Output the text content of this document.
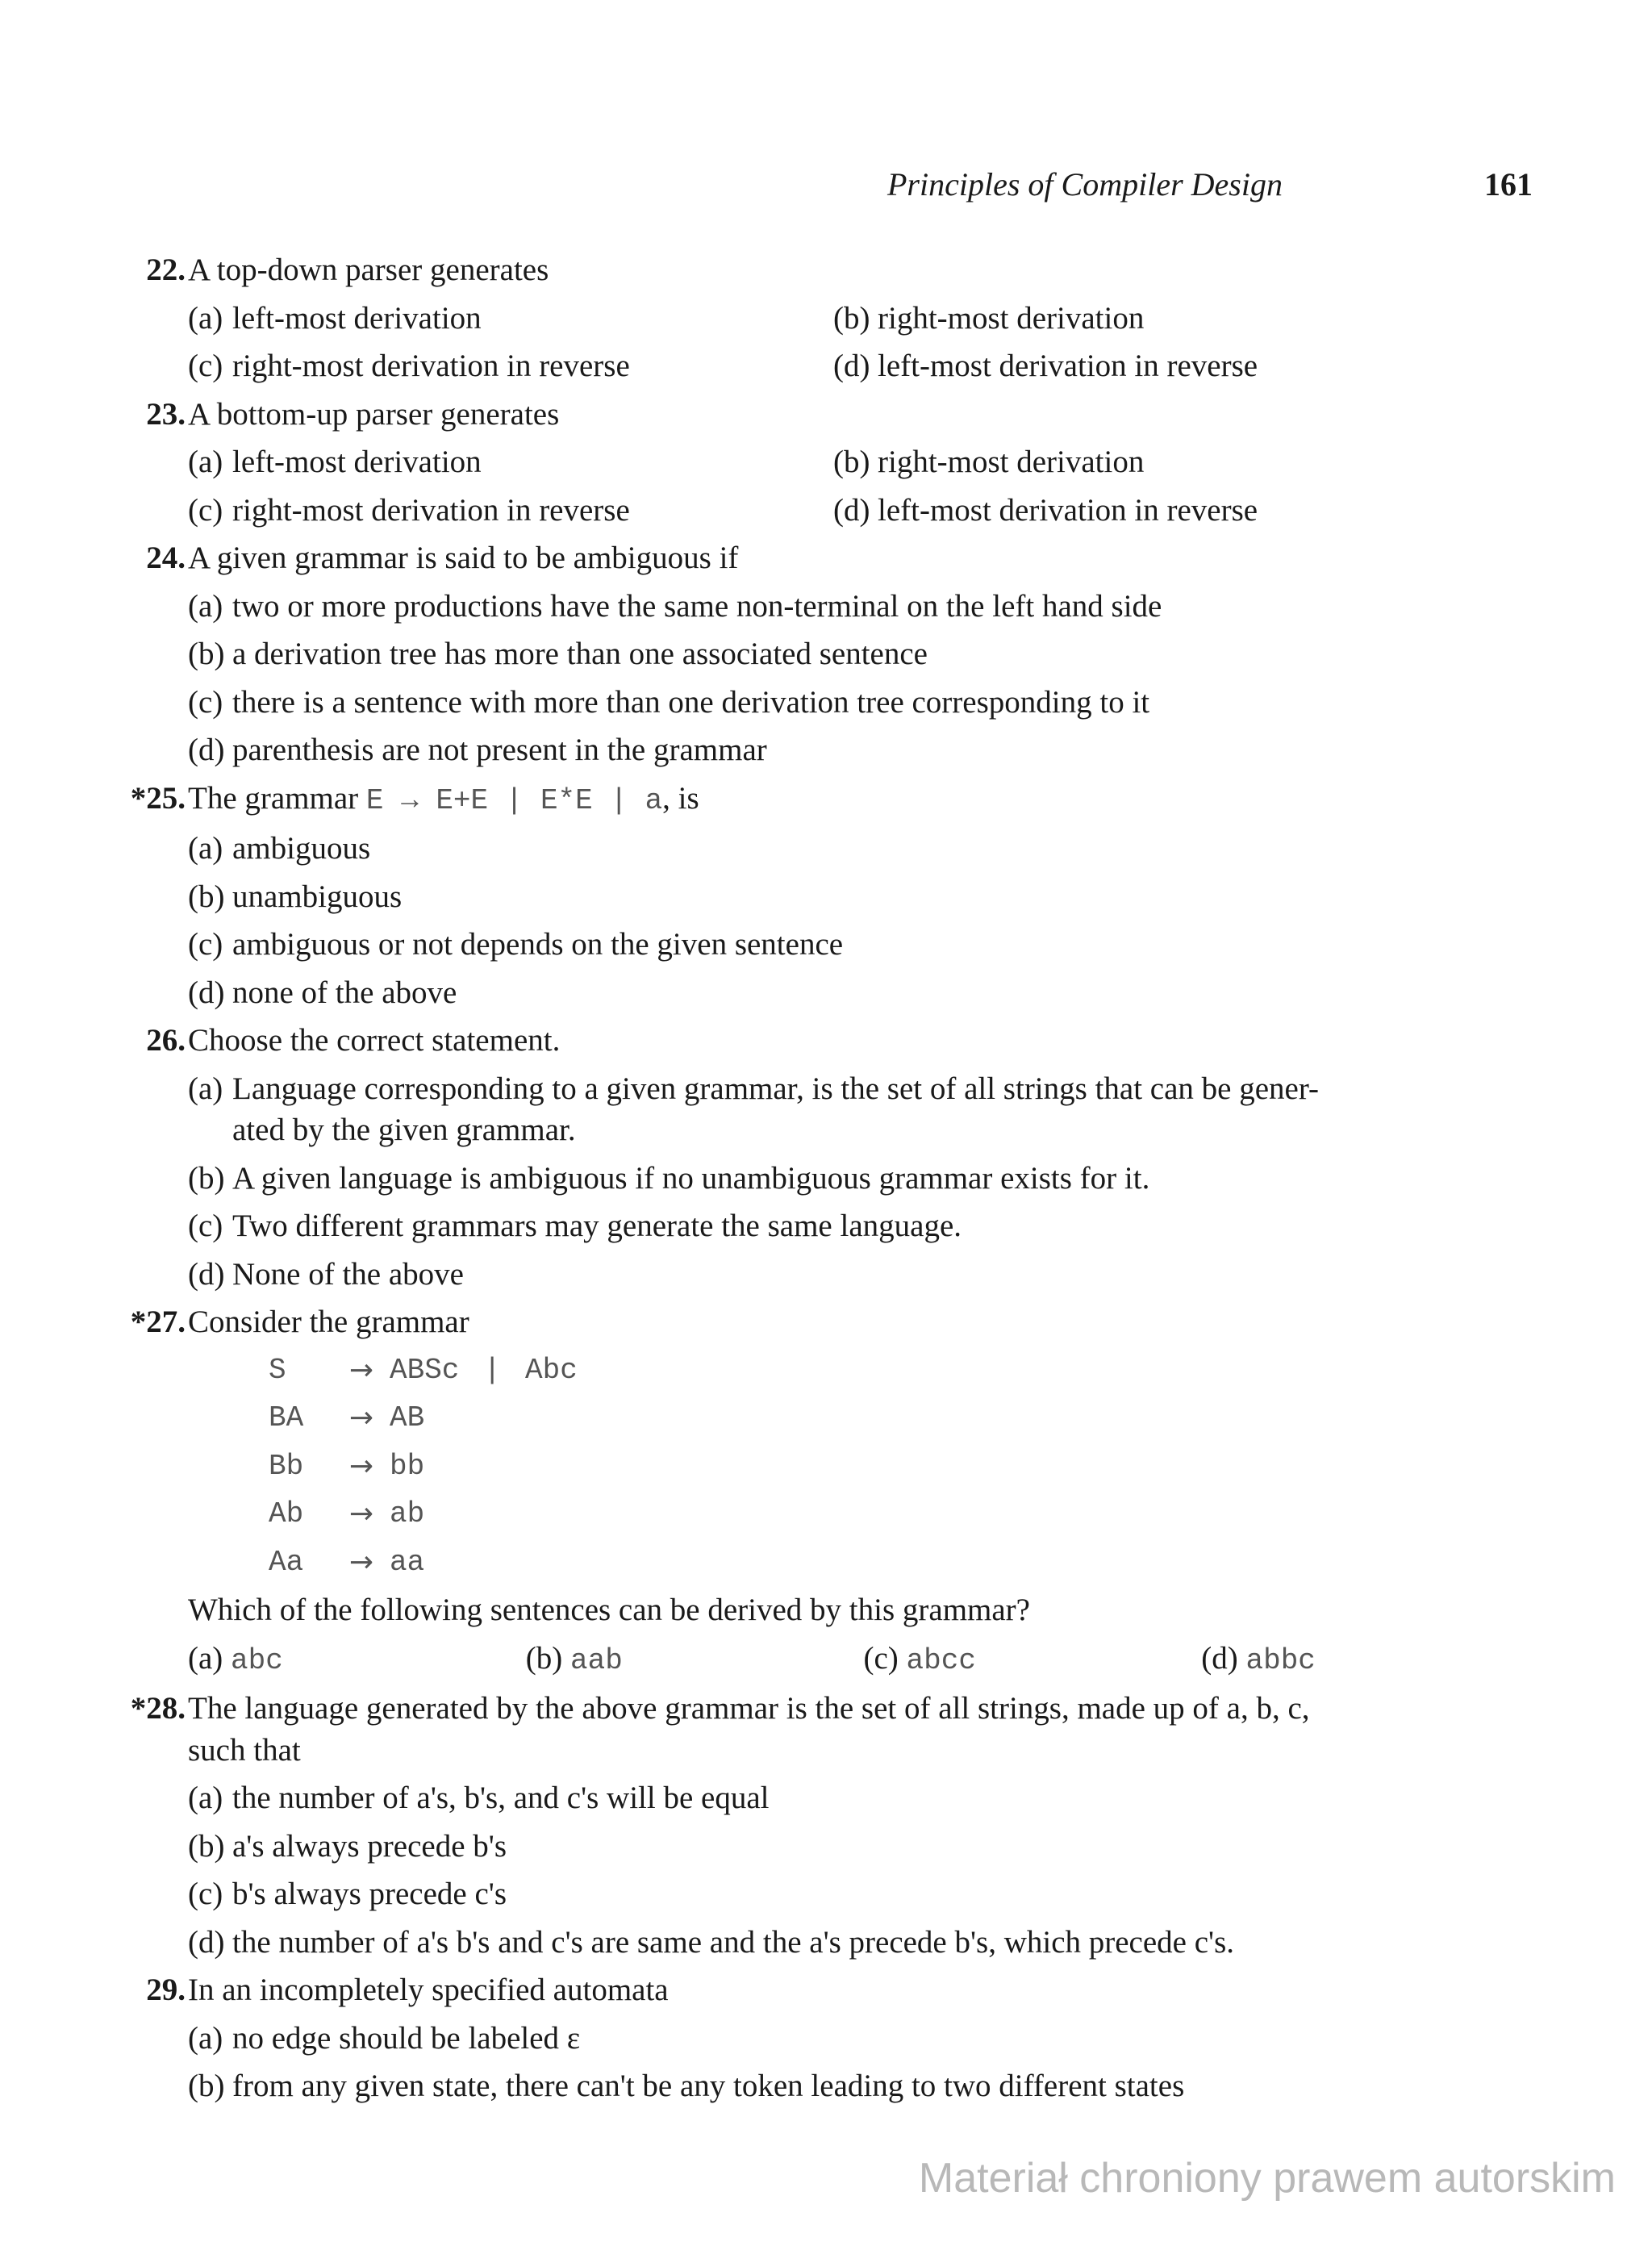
Principles of Compiler Design	161
22. A top-down parser generates
(a) left-most derivation	(b) right-most derivation
(c) right-most derivation in reverse	(d) left-most derivation in reverse
23. A bottom-up parser generates
(a) left-most derivation	(b) right-most derivation
(c) right-most derivation in reverse	(d) left-most derivation in reverse
24. A given grammar is said to be ambiguous if
(a) two or more productions have the same non-terminal on the left hand side
(b) a derivation tree has more than one associated sentence
(c) there is a sentence with more than one derivation tree corresponding to it
(d) parenthesis are not present in the grammar
*25. The grammar E → E+E | E*E | a, is
(a) ambiguous
(b) unambiguous
(c) ambiguous or not depends on the given sentence
(d) none of the above
26. Choose the correct statement.
(a) Language corresponding to a given grammar, is the set of all strings that can be gener-
ated by the given grammar.
(b) A given language is ambiguous if no unambiguous grammar exists for it.
(c) Two different grammars may generate the same language.
(d) None of the above
*27. Consider the grammar
S	→ ABSc | Abc
BA	→ AB
Bb	→ bb
Ab	→ ab
Aa	→ aa
Which of the following sentences can be derived by this grammar?
(a) abc	(b) aab	(c) abcc	(d) abbc
*28. The language generated by the above grammar is the set of all strings, made up of a, b, c,
such that
(a) the number of a's, b's, and c's will be equal
(b) a's always precede b's
(c) b's always precede c's
(d) the number of a's b's and c's are same and the a's precede b's, which precede c's.
29. In an incompletely specified automata
(a) no edge should be labeled ε
(b) from any given state, there can't be any token leading to two different states
Materiał chroniony prawem autorskim
